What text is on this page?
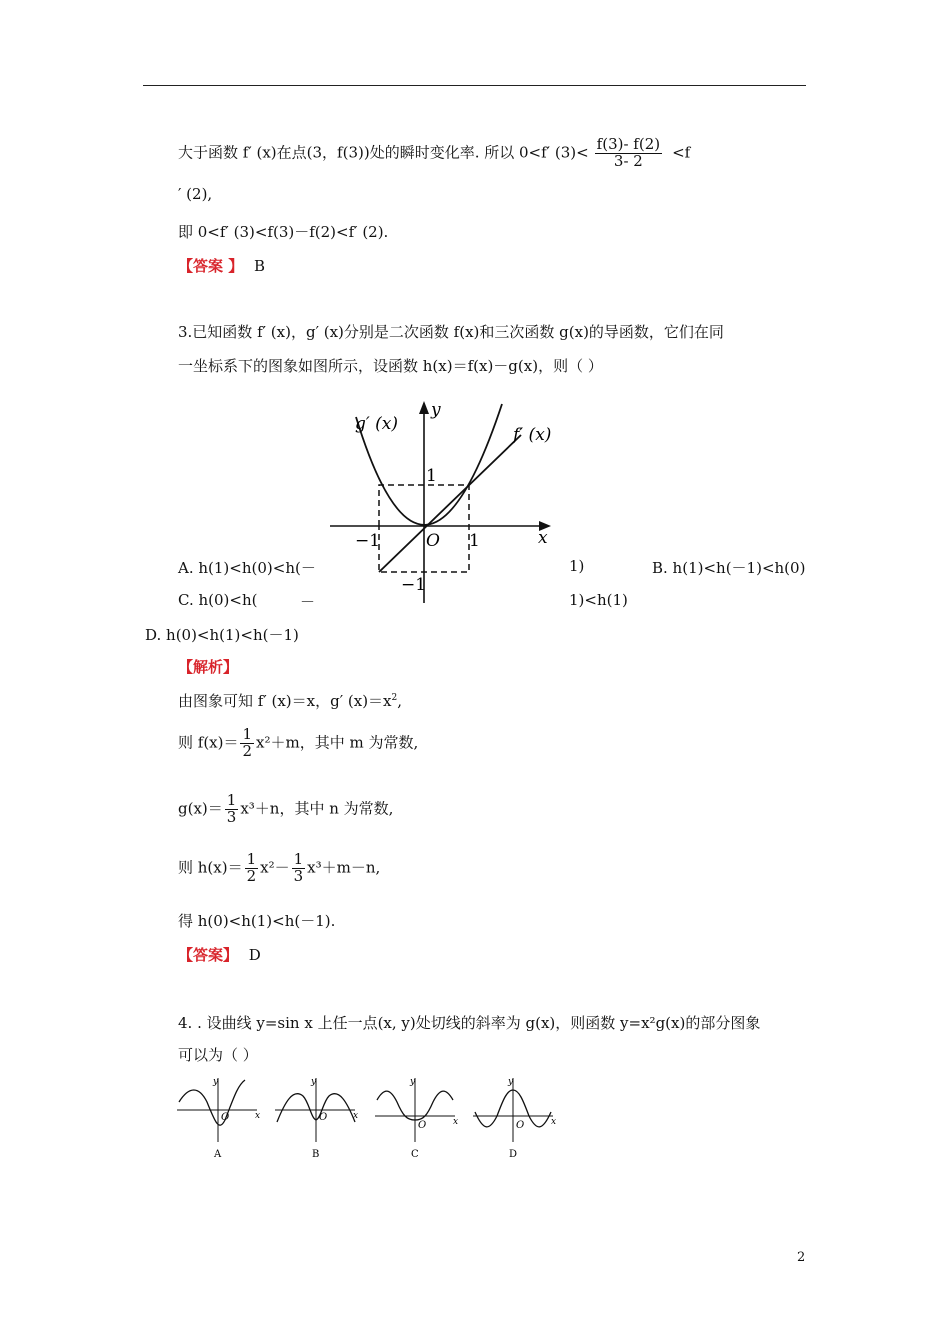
大于函数 f′ (x)在点(3，f(3))处的瞬时变化率. 所以 0<f′ $(3)< \frac{f(3)- f(2)}{3- 2} <f$
′ (2),
即 0<f′ (3)<f(3)－f(2)<f′ (2).
【答案 】 B
3.已知函数 f′ (x)，g′ (x)分别是二次函数 f(x)和三次函数 g(x)的导函数，它们在同
一坐标系下的图象如图所示，设函数 h(x)＝f(x)－g(x)，则（ ）
g′ (x)
f′ (x)
y
x
1
−1	O 1
−1
A. h(1)<h(0)<h(－	1)	B. h(1)<h(－1)<h(0)
C. h(0)<h(	－	1)<h(1)
D. h(0)<h(1)<h(－1)
【解析】
由图象可知 f′ (x)＝x，g′ $(x)=x^2$,
则 $f(x)= \frac{1}{2} x^2+m$，其中 m 为常数,
$g(x)= \frac{1}{3} x^3+n$，其中 n 为常数,
则 $h(x)= \frac{1}{2} x^2- \frac{1}{3} x^3+m-n$,
得 h(0)<h(1)<h(－1).
【答案】 D
4. . 设曲线 y=sin x 上任一点(x, y)处切线的斜率为 g(x)，则函数 y=x²g(x)的部分图象
可以为（ ）
y
x
O
A
y
x
O
B
y
x
O
C
y
x
O
D
2
